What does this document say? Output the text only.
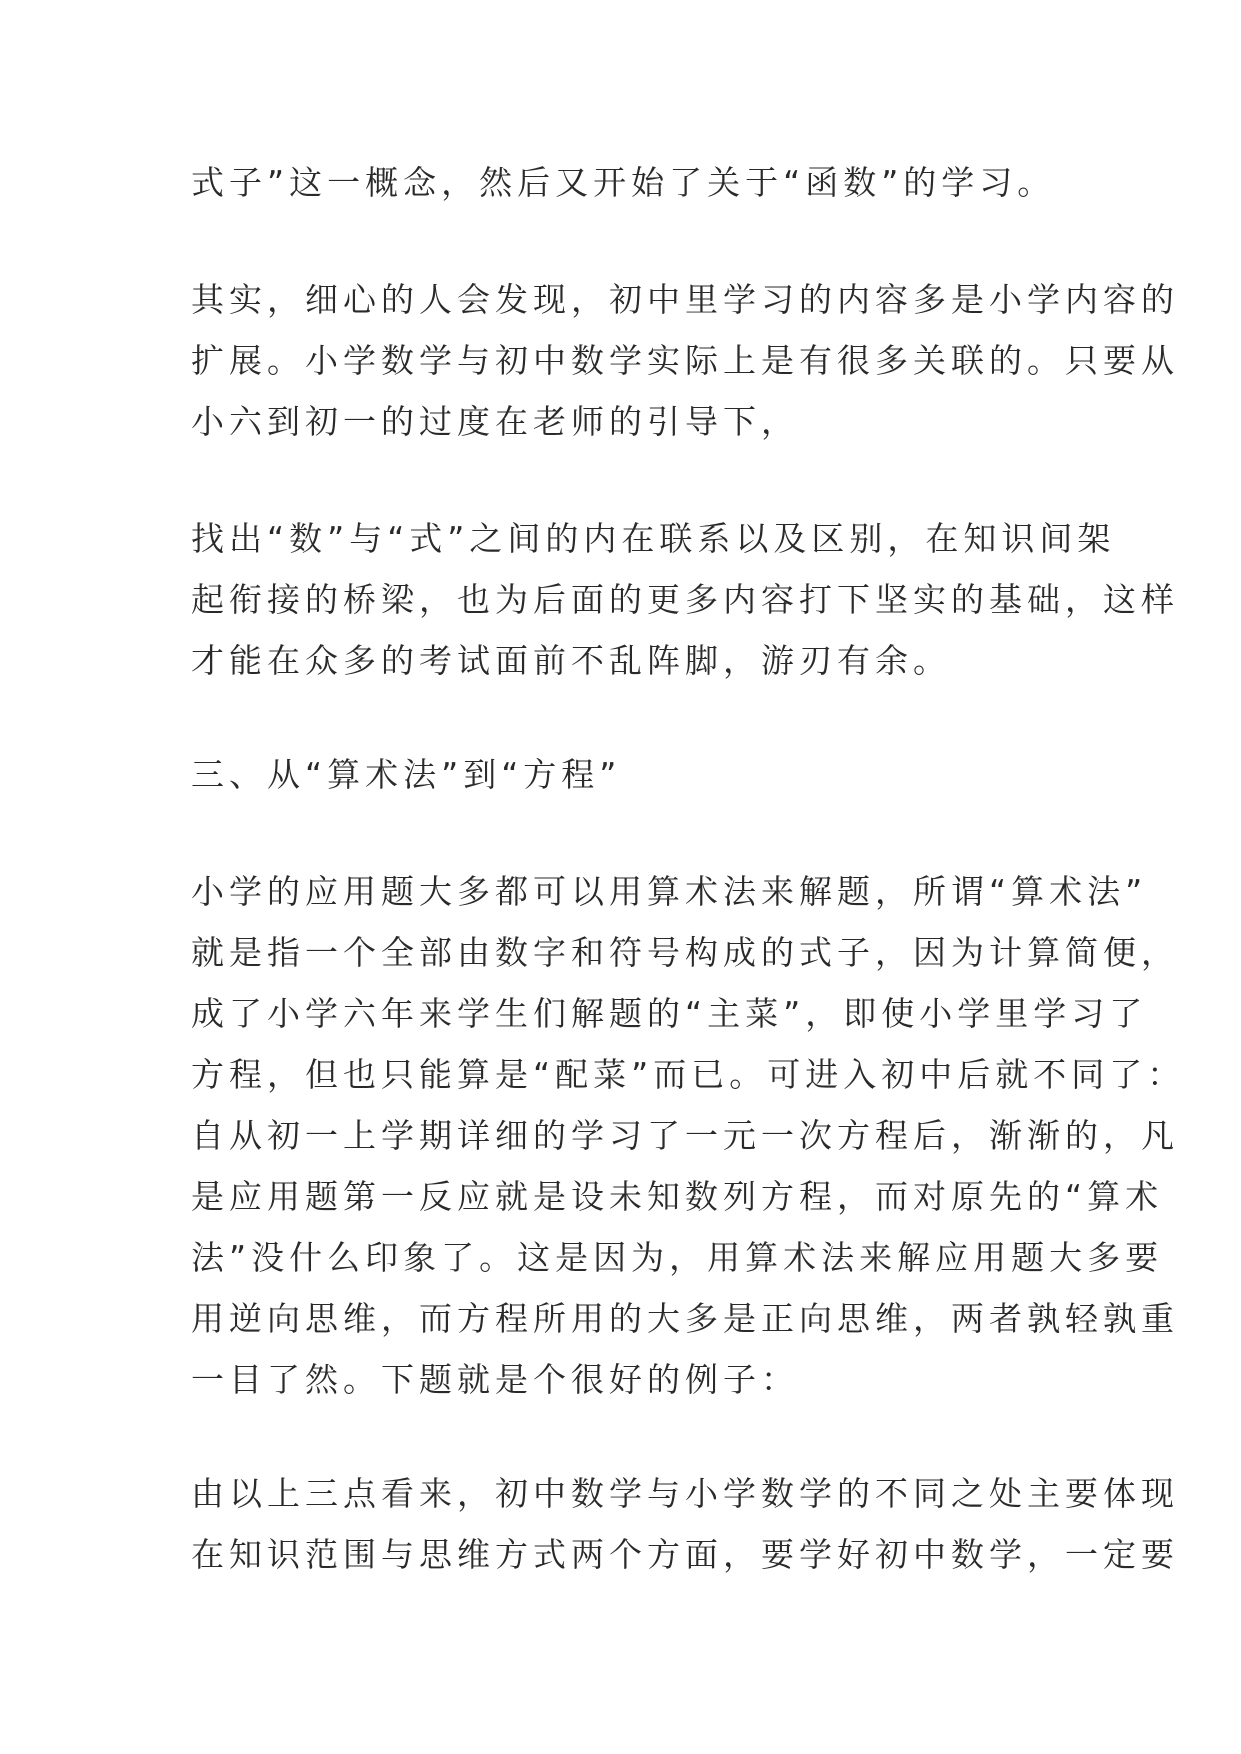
式子”这一概念，然后又开始了关于“函数”的学习。
其实，细心的人会发现，初中里学习的内容多是小学内容的
扩展。小学数学与初中数学实际上是有很多关联的。只要从
小六到初一的过度在老师的引导下，
找出“数”与“式”之间的内在联系以及区别，在知识间架
起衔接的桥梁，也为后面的更多内容打下坚实的基础，这样
才能在众多的考试面前不乱阵脚，游刃有余。
三、从“算术法”到“方程”
小学的应用题大多都可以用算术法来解题，所谓“算术法”
就是指一个全部由数字和符号构成的式子，因为计算简便，
成了小学六年来学生们解题的“主菜”，即使小学里学习了
方程，但也只能算是“配菜”而已。可进入初中后就不同了：
自从初一上学期详细的学习了一元一次方程后，渐渐的，凡
是应用题第一反应就是设未知数列方程，而对原先的“算术
法”没什么印象了。这是因为，用算术法来解应用题大多要
用逆向思维，而方程所用的大多是正向思维，两者孰轻孰重
一目了然。下题就是个很好的例子：
由以上三点看来，初中数学与小学数学的不同之处主要体现
在知识范围与思维方式两个方面，要学好初中数学，一定要
